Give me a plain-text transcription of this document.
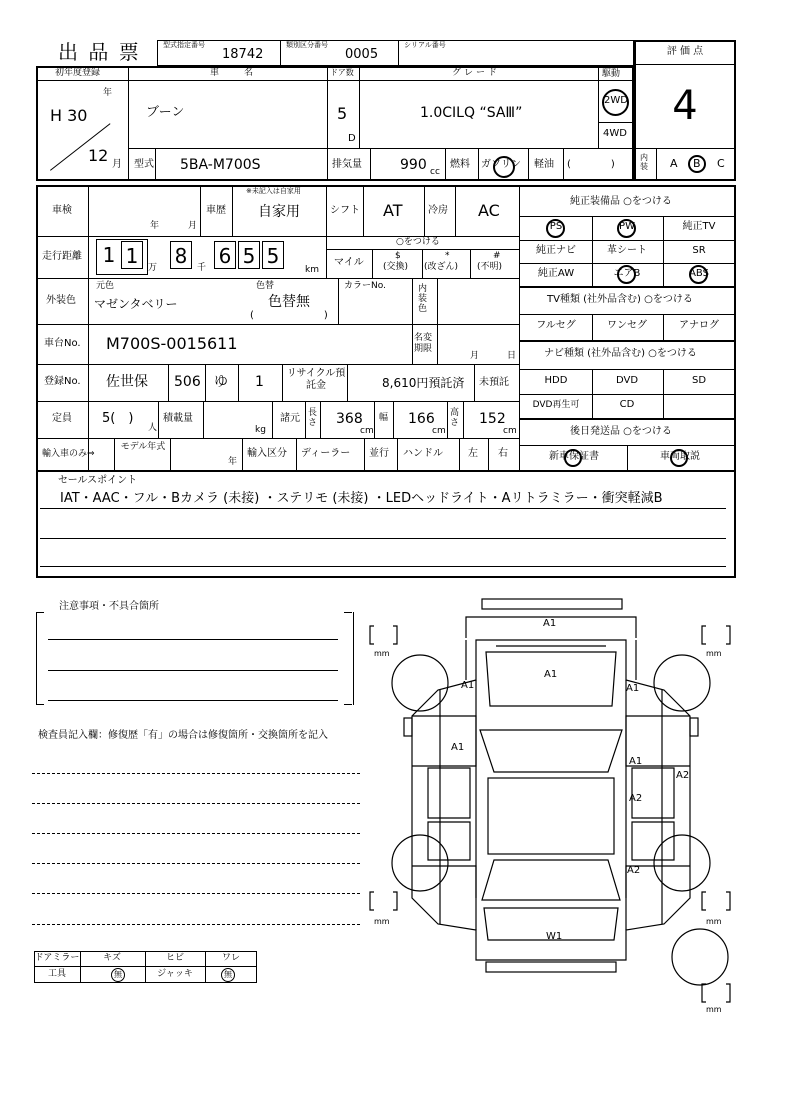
出 品 票	型式指定番号
18742
類別区分番号
0005
シリアル番号
評 価 点
4
内装 A B C
初年度登録	車　名	ドア数	グレード	駆動
年
H 30
12 月
ブーン	5
D
1.0CILQ “SAⅢ”
2WD
4WD
型式 5BA-M700S	排気量	990 cc
燃料 ガソリン 軽油 (　　　　)
車検
年	月
車歴
※未記入は自家用
自家用	シフト AT	冷房 AC
走行距離 1 1	万 8	千 6 5 5
km
○をつける
マイル
$
(交換)
*
(改ざん)
#
(不明)
外装色
元色
マゼンタベリー
色替
色替無
(　　　　　　　)
カラーNo.	内装色
車台No. M700S-0015611	名変期限
月	日
登録No. 佐世保 506 ゆ 1
リサイクル預託金	8,610円預託済 未預託
定員 5(　)
人
積載量
kg
諸元 長さ 368
cm
幅 166
cm
高さ 152
cm
輸入車のみ⇒
モデル年式
年
輸入区分 ディーラー 並行 ハンドル	左 右
純正装備品 ○をつける
PS	PW	純正TV
純正ナビ	革シート	SR
純正AW	エアB	ABS
TV種類 (社外品含む) ○をつける
フルセグ	ワンセグ	アナログ
ナビ種類 (社外品含む) ○をつける
HDD	DVD	SD
DVD再生可	CD
後日発送品 ○をつける
新車保証書	車両取説
セールスポイント
IAT・AAC・フル・Bカメラ (未接) ・ステリモ (未接) ・LEDヘッドライト・Aリトラミラー・衝突軽減B
注意事項・不具合箇所
検査員記入欄：修復歴「有」の場合は修復箇所・交換箇所を記入
ドアミラー	キズ	ヒビ	ワレ
工具	無	ジャッキ	無
mm	mm
mm	mm
mm
A1
A1
A1	A1
A1
A1
A2
A2
A2
W1
